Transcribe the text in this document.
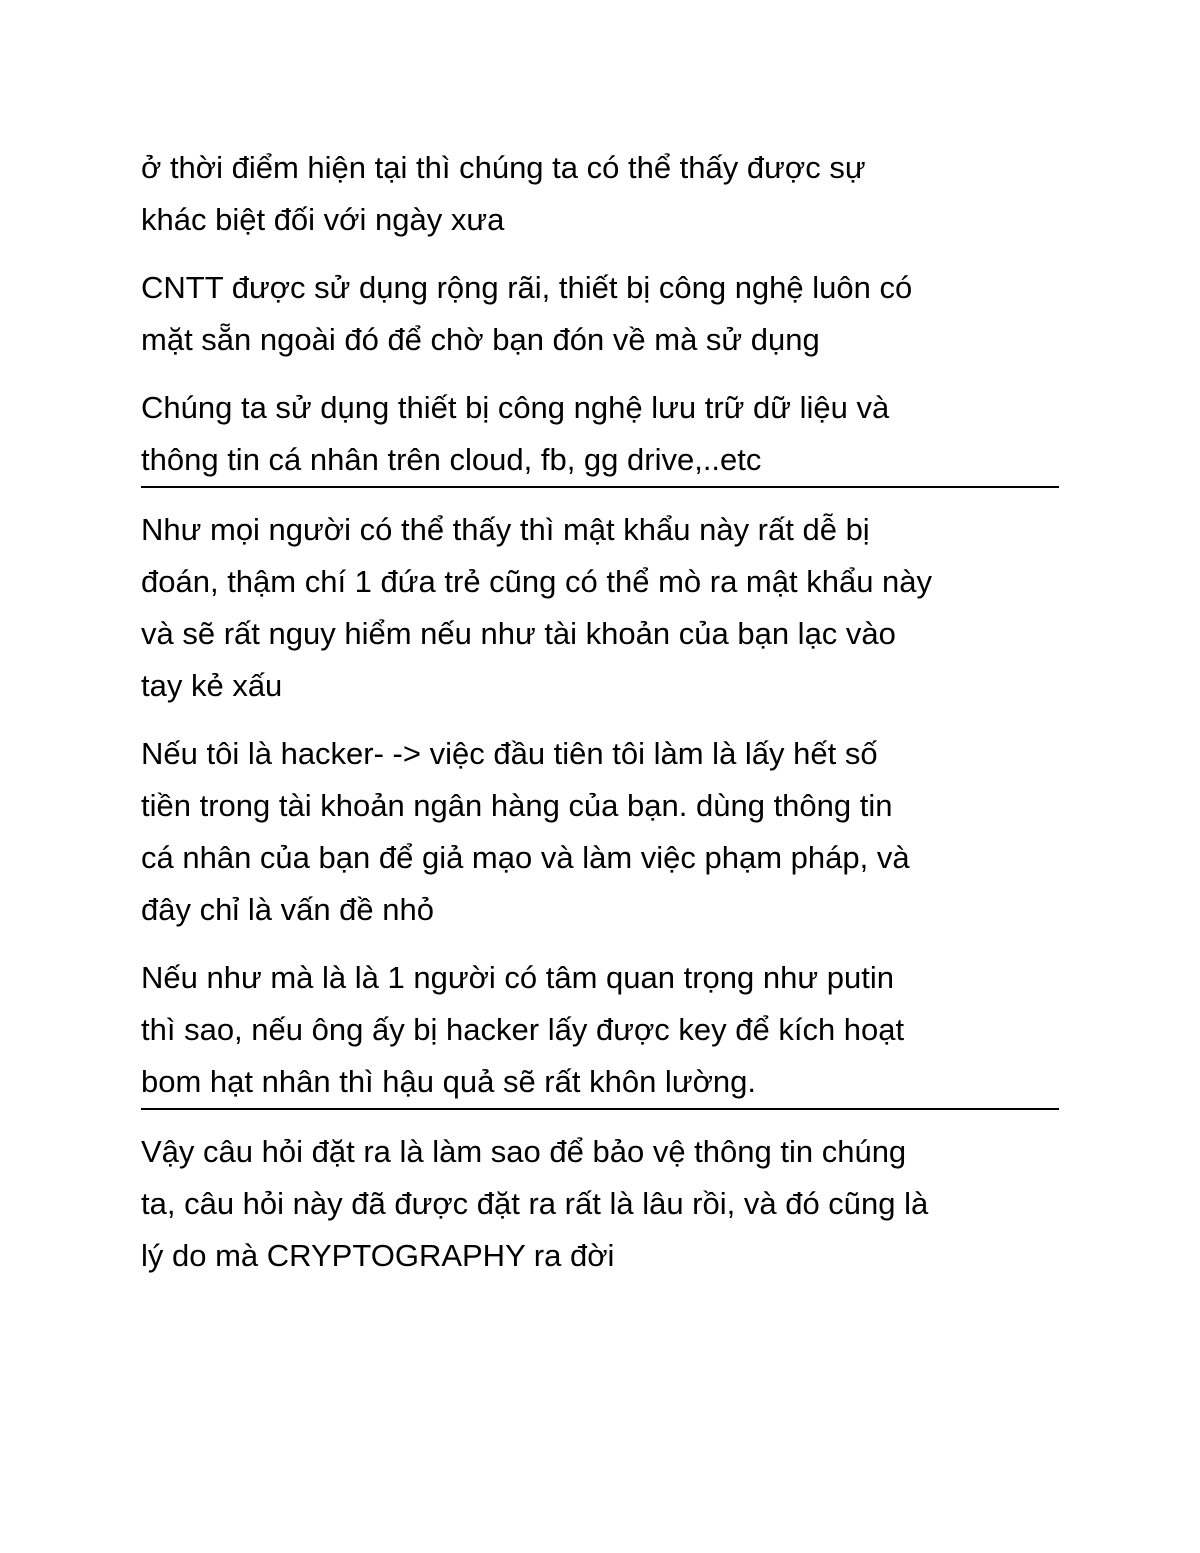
ở thời điểm hiện tại thì chúng ta có thể thấy được sự
khác biệt đối với ngày xưa

CNTT được sử dụng rộng rãi, thiết bị công nghệ luôn có
mặt sẵn ngoài đó để chờ bạn đón về mà sử dụng

Chúng ta sử dụng thiết bị công nghệ lưu trữ dữ liệu và
thông tin cá nhân trên cloud, fb, gg drive,..etc

Như mọi người có thể thấy thì mật khẩu này rất dễ bị
đoán, thậm chí 1 đứa trẻ cũng có thể mò ra mật khẩu này
và sẽ rất nguy hiểm nếu như tài khoản của bạn lạc vào
tay kẻ xấu

Nếu tôi là hacker- -> việc đầu tiên tôi làm là lấy hết số
tiền trong tài khoản ngân hàng của bạn. dùng thông tin
cá nhân của bạn để giả mạo và làm việc phạm pháp, và
đây chỉ là vấn đề nhỏ

Nếu như mà là là 1 người có tâm quan trọng như putin
thì sao, nếu ông ấy bị hacker lấy được key để kích hoạt
bom hạt nhân thì hậu quả sẽ rất khôn lường.

Vậy câu hỏi đặt ra là làm sao để bảo vệ thông tin chúng
ta, câu hỏi này đã được đặt ra rất là lâu rồi, và đó cũng là
lý do mà CRYPTOGRAPHY ra đời
